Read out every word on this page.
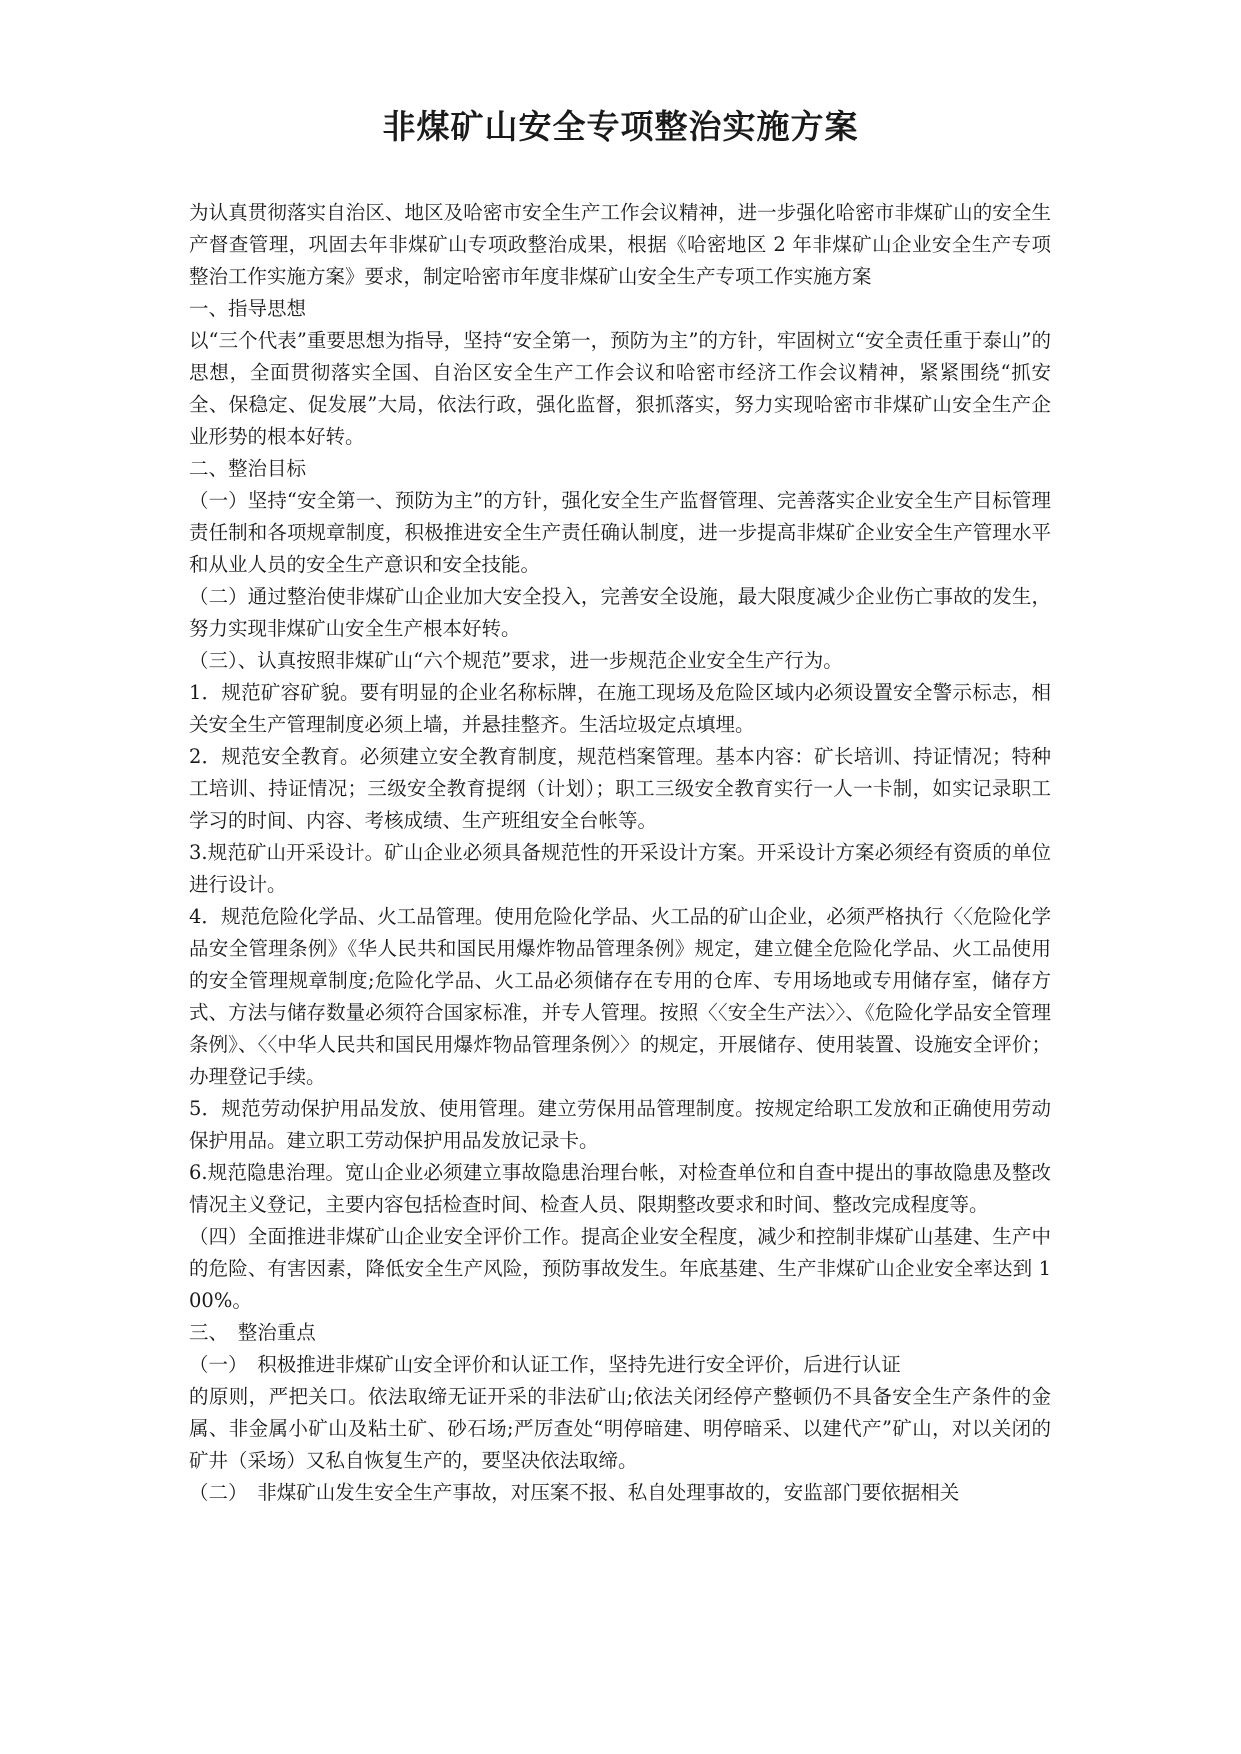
非煤矿山安全专项整治实施方案

为认真贯彻落实自治区、地区及哈密市安全生产工作会议精神，进一步强化哈密市非煤矿山的安全生产督查管理，巩固去年非煤矿山专项政整治成果，根据《哈密地区 2 年非煤矿山企业安全生产专项整治工作实施方案》要求，制定哈密市年度非煤矿山安全生产专项工作实施方案

一、指导思想

以“三个代表”重要思想为指导，坚持“安全第一，预防为主”的方针，牢固树立“安全责任重于泰山”的思想，全面贯彻落实全国、自治区安全生产工作会议和哈密市经济工作会议精神，紧紧围绕“抓安全、保稳定、促发展”大局，依法行政，强化监督，狠抓落实，努力实现哈密市非煤矿山安全生产企业形势的根本好转。

二、整治目标

（一）坚持“安全第一、预防为主”的方针，强化安全生产监督管理、完善落实企业安全生产目标管理责任制和各项规章制度，积极推进安全生产责任确认制度，进一步提高非煤矿企业安全生产管理水平和从业人员的安全生产意识和安全技能。

（二）通过整治使非煤矿山企业加大安全投入，完善安全设施，最大限度减少企业伤亡事故的发生，努力实现非煤矿山安全生产根本好转。

（三）、认真按照非煤矿山“六个规范”要求，进一步规范企业安全生产行为。

1．规范矿容矿貌。要有明显的企业名称标牌，在施工现场及危险区域内必须设置安全警示标志，相关安全生产管理制度必须上墙，并悬挂整齐。生活垃圾定点填埋。

2．规范安全教育。必须建立安全教育制度，规范档案管理。基本内容：矿长培训、持证情况；特种工培训、持证情况；三级安全教育提纲（计划）；职工三级安全教育实行一人一卡制，如实记录职工学习的时间、内容、考核成绩、生产班组安全台帐等。

3.规范矿山开采设计。矿山企业必须具备规范性的开采设计方案。开采设计方案必须经有资质的单位进行设计。

4．规范危险化学品、火工品管理。使用危险化学品、火工品的矿山企业，必须严格执行〈〈危险化学品安全管理条例》《华人民共和国民用爆炸物品管理条例》规定，建立健全危险化学品、火工品使用的安全管理规章制度;危险化学品、火工品必须储存在专用的仓库、专用场地或专用储存室，储存方式、方法与储存数量必须符合国家标准，并专人管理。按照〈〈安全生产法〉〉、《危险化学品安全管理条例》、〈〈中华人民共和国民用爆炸物品管理条例〉〉的规定，开展储存、使用装置、设施安全评价；办理登记手续。

5．规范劳动保护用品发放、使用管理。建立劳保用品管理制度。按规定给职工发放和正确使用劳动保护用品。建立职工劳动保护用品发放记录卡。

6.规范隐患治理。宽山企业必须建立事故隐患治理台帐，对检查单位和自查中提出的事故隐患及整改情况主义登记，主要内容包括检查时间、检查人员、限期整改要求和时间、整改完成程度等。

（四）全面推进非煤矿山企业安全评价工作。提高企业安全程度，减少和控制非煤矿山基建、生产中的危险、有害因素，降低安全生产风险，预防事故发生。年底基建、生产非煤矿山企业安全率达到 100%。

三、　整治重点

（一）　积极推进非煤矿山安全评价和认证工作，坚持先进行安全评价，后进行认证

的原则，严把关口。依法取缔无证开采的非法矿山;依法关闭经停产整顿仍不具备安全生产条件的金属、非金属小矿山及粘土矿、砂石场;严厉查处“明停暗建、明停暗采、以建代产”矿山，对以关闭的矿井（采场）又私自恢复生产的，要坚决依法取缔。

（二）　非煤矿山发生安全生产事故，对压案不报、私自处理事故的，安监部门要依据相关
